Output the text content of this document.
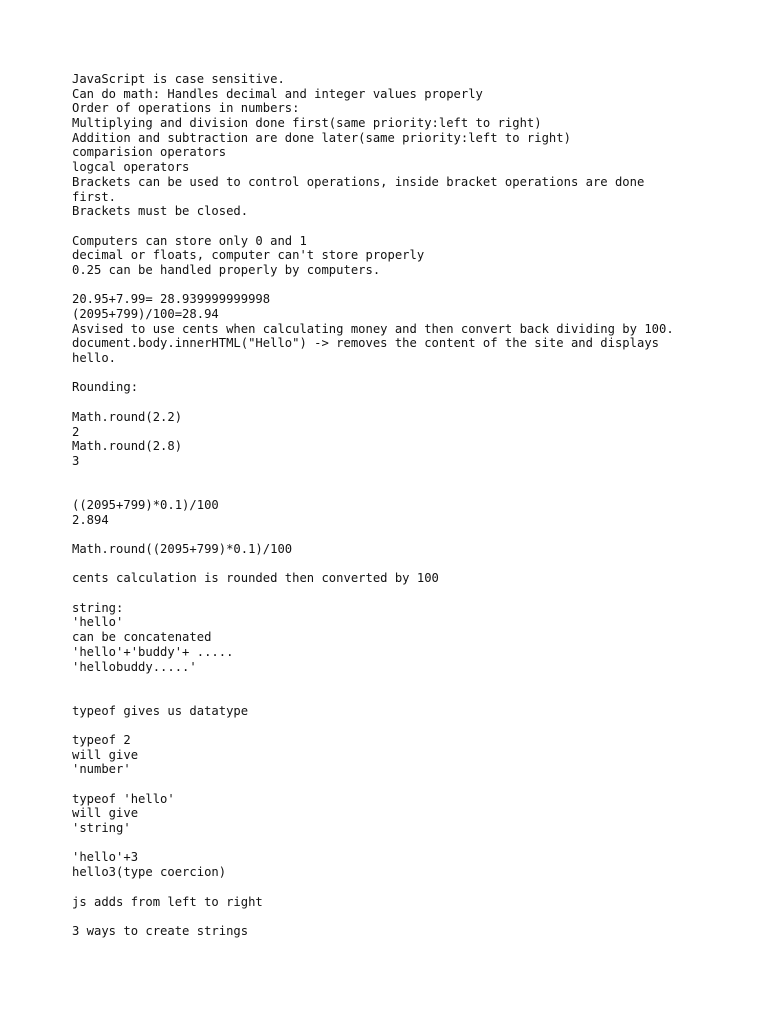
JavaScript is case sensitive.
Can do math: Handles decimal and integer values properly
Order of operations in numbers:
Multiplying and division done first(same priority:left to right)
Addition and subtraction are done later(same priority:left to right)
comparision operators
logcal operators
Brackets can be used to control operations, inside bracket operations are done
first.
Brackets must be closed.
Computers can store only 0 and 1
decimal or floats, computer can't store properly
0.25 can be handled properly by computers.
20.95+7.99= 28.939999999998
(2095+799)/100=28.94
Asvised to use cents when calculating money and then convert back dividing by 100.
document.body.innerHTML("Hello") -> removes the content of the site and displays
hello.
Rounding:
Math.round(2.2)
2
Math.round(2.8)
3
((2095+799)*0.1)/100
2.894
Math.round((2095+799)*0.1)/100
cents calculation is rounded then converted by 100
string:
'hello'
can be concatenated
'hello'+'buddy'+ .....
'hellobuddy.....'
typeof gives us datatype
typeof 2
will give
'number'
typeof 'hello'
will give
'string'
'hello'+3
hello3(type coercion)
js adds from left to right
3 ways to create strings
